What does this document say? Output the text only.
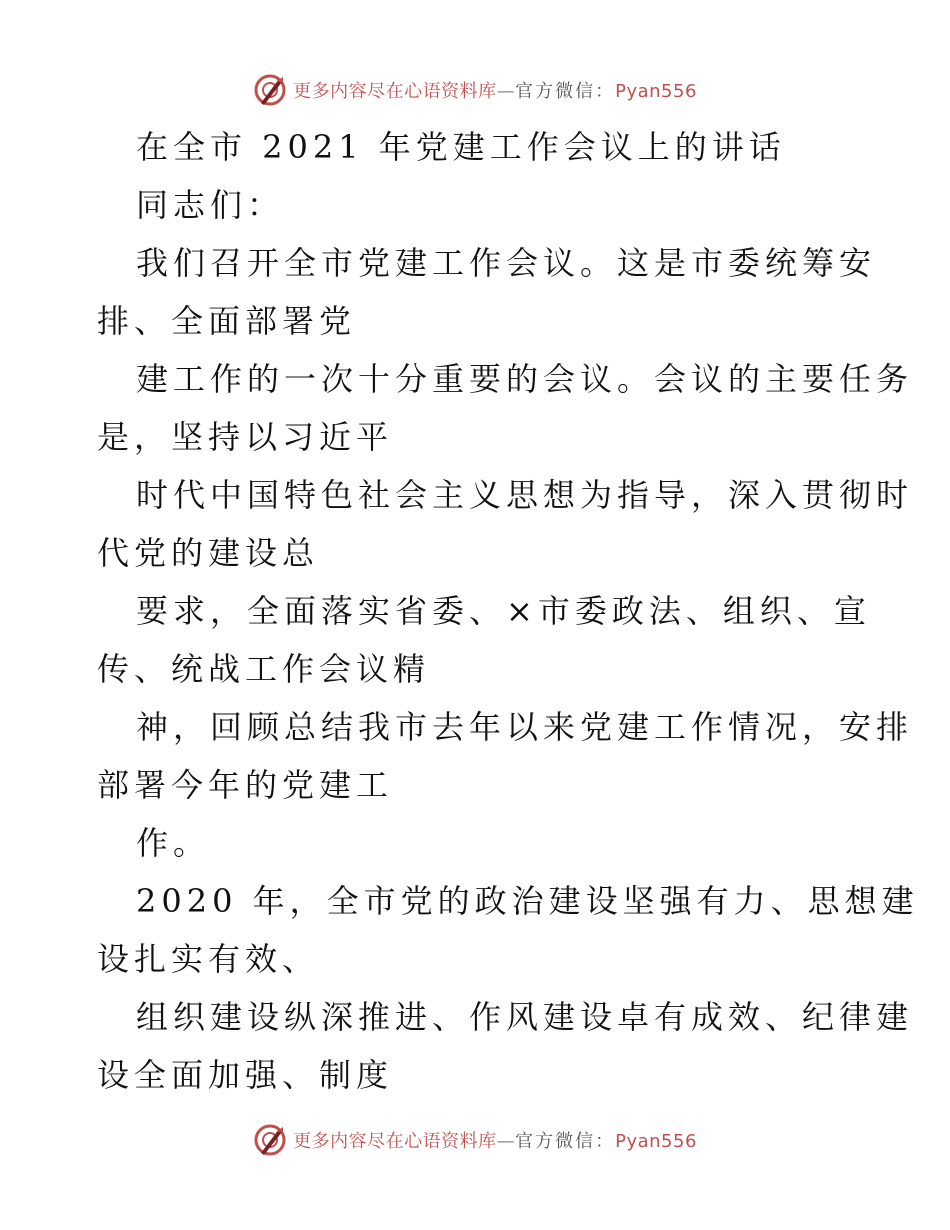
更多内容尽在心语资料库—官方微信：Pyan556
在全市 2021 年党建工作会议上的讲话
同志们：
我们召开全市党建工作会议。这是市委统筹安
排、全面部署党
建工作的一次十分重要的会议。会议的主要任务
是，坚持以习近平
时代中国特色社会主义思想为指导，深入贯彻时
代党的建设总
要求，全面落实省委、×市委政法、组织、宣
传、统战工作会议精
神，回顾总结我市去年以来党建工作情况，安排
部署今年的党建工
作。
2020 年，全市党的政治建设坚强有力、思想建
设扎实有效、
组织建设纵深推进、作风建设卓有成效、纪律建
设全面加强、制度
更多内容尽在心语资料库—官方微信：Pyan556
